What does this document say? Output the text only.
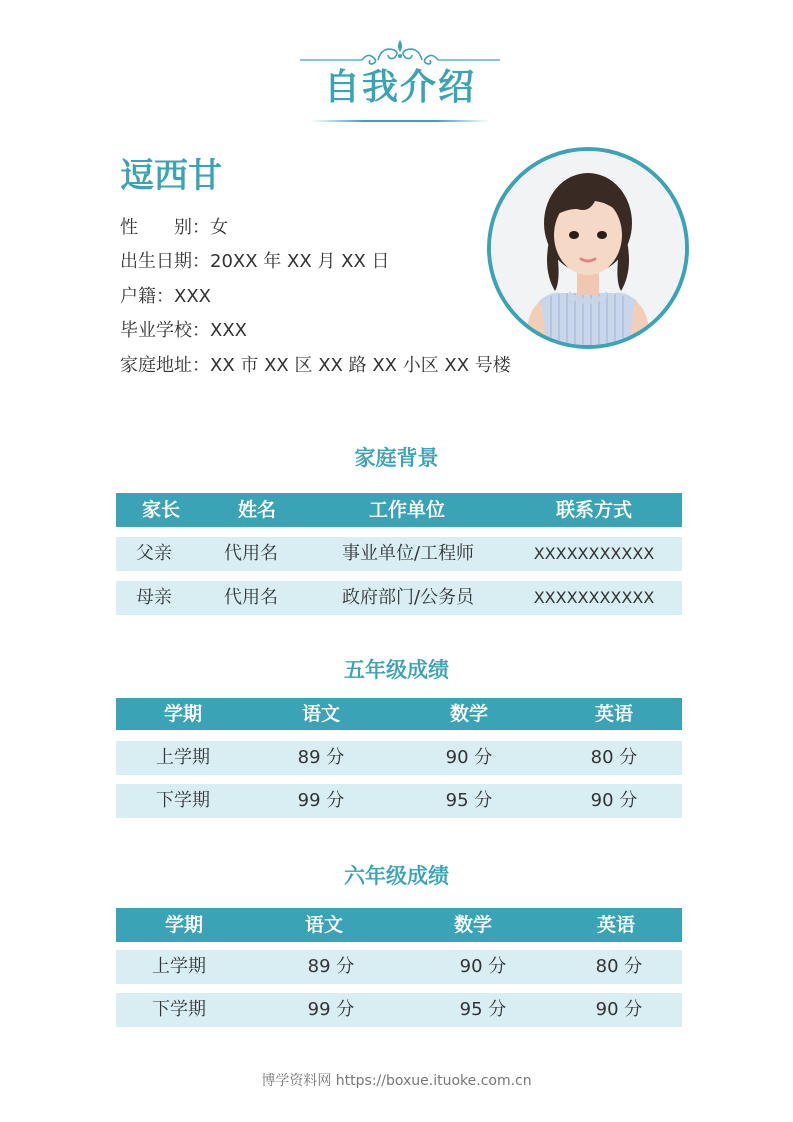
自我介绍
逗西甘
性　　别：女
出生日期：20XX 年 XX 月 XX 日
户籍：XXX
毕业学校：XXX
家庭地址：XX 市 XX 区 XX 路 XX 小区 XX 号楼
家庭背景
家长	姓名	工作单位	联系方式
父亲	代用名	事业单位/工程师	XXXXXXXXXXX
母亲	代用名	政府部门/公务员	XXXXXXXXXXX
五年级成绩
学期	语文	数学	英语
上学期	89 分	90 分	80 分
下学期	99 分	95 分	90 分
六年级成绩
学期	语文	数学	英语
上学期	89 分	90 分	80 分
下学期	99 分	95 分	90 分
博学资料网 https://boxue.ituoke.com.cn
